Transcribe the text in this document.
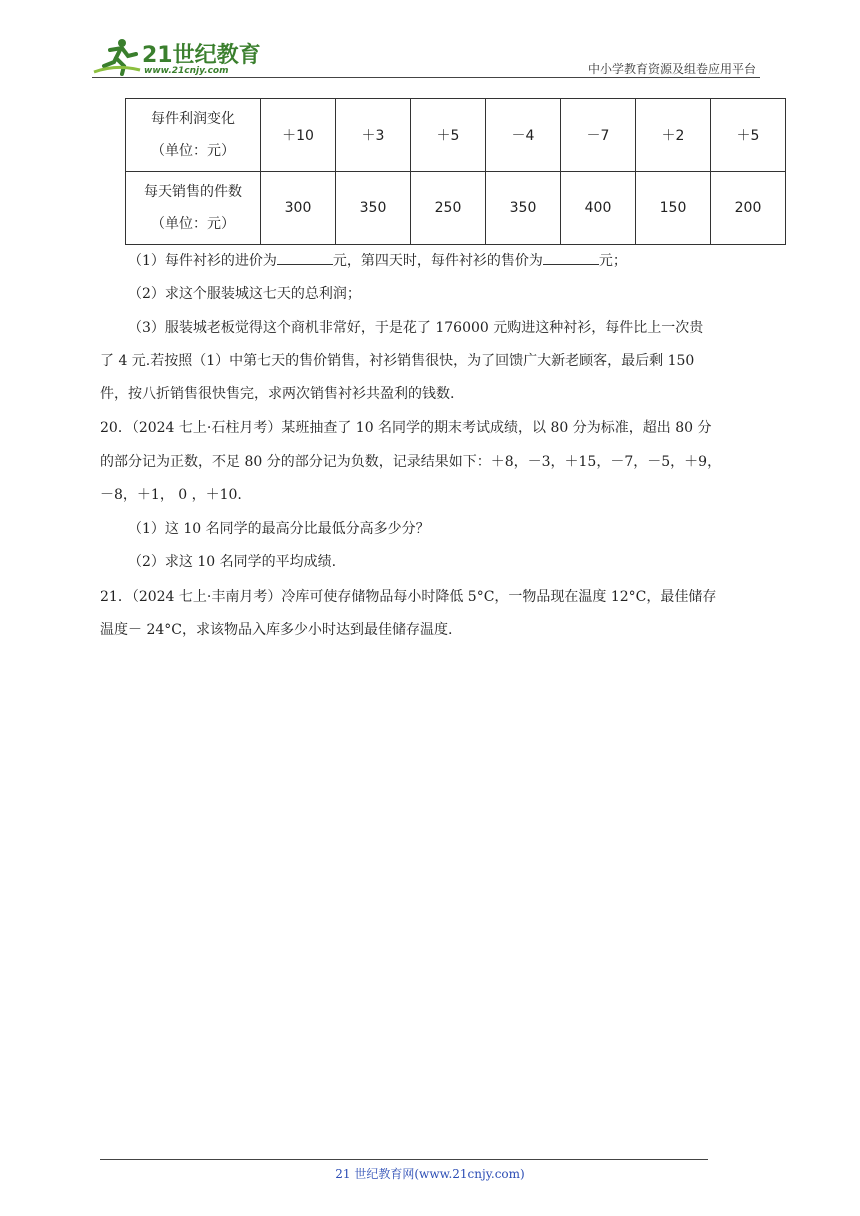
21世纪教育
www.21cnjy.com	中小学教育资源及组卷应用平台
每件利润变化
（单位：元）	＋10	＋3	＋5	－4	－7	＋2	＋5

每天销售的件数
（单位：元）	300	350	250	350	400	150	200
（1）每件衬衫的进价为	元，第四天时，每件衬衫的售价为	元；
（2）求这个服装城这七天的总利润；
（3）服装城老板觉得这个商机非常好，于是花了 176000 元购进这种衬衫，每件比上一次贵
了 4 元.若按照（1）中第七天的售价销售，衬衫销售很快，为了回馈广大新老顾客，最后剩 150
件，按八折销售很快售完，求两次销售衬衫共盈利的钱数.
20．（2024 七上·石柱月考）某班抽查了 10 名同学的期末考试成绩，以 80 分为标准，超出 80 分
的部分记为正数，不足 80 分的部分记为负数，记录结果如下：＋8，－3，＋15，－7，－5，＋9，
－8，＋1， 0 ，＋10.
（1）这 10 名同学的最高分比最低分高多少分？
（2）求这 10 名同学的平均成绩.
21．（2024 七上·丰南月考）冷库可使存储物品每小时降低 5°C，一物品现在温度 12°C，最佳储存
温度－ 24°C，求该物品入库多少小时达到最佳储存温度.
21 世纪教育网(www.21cnjy.com)
